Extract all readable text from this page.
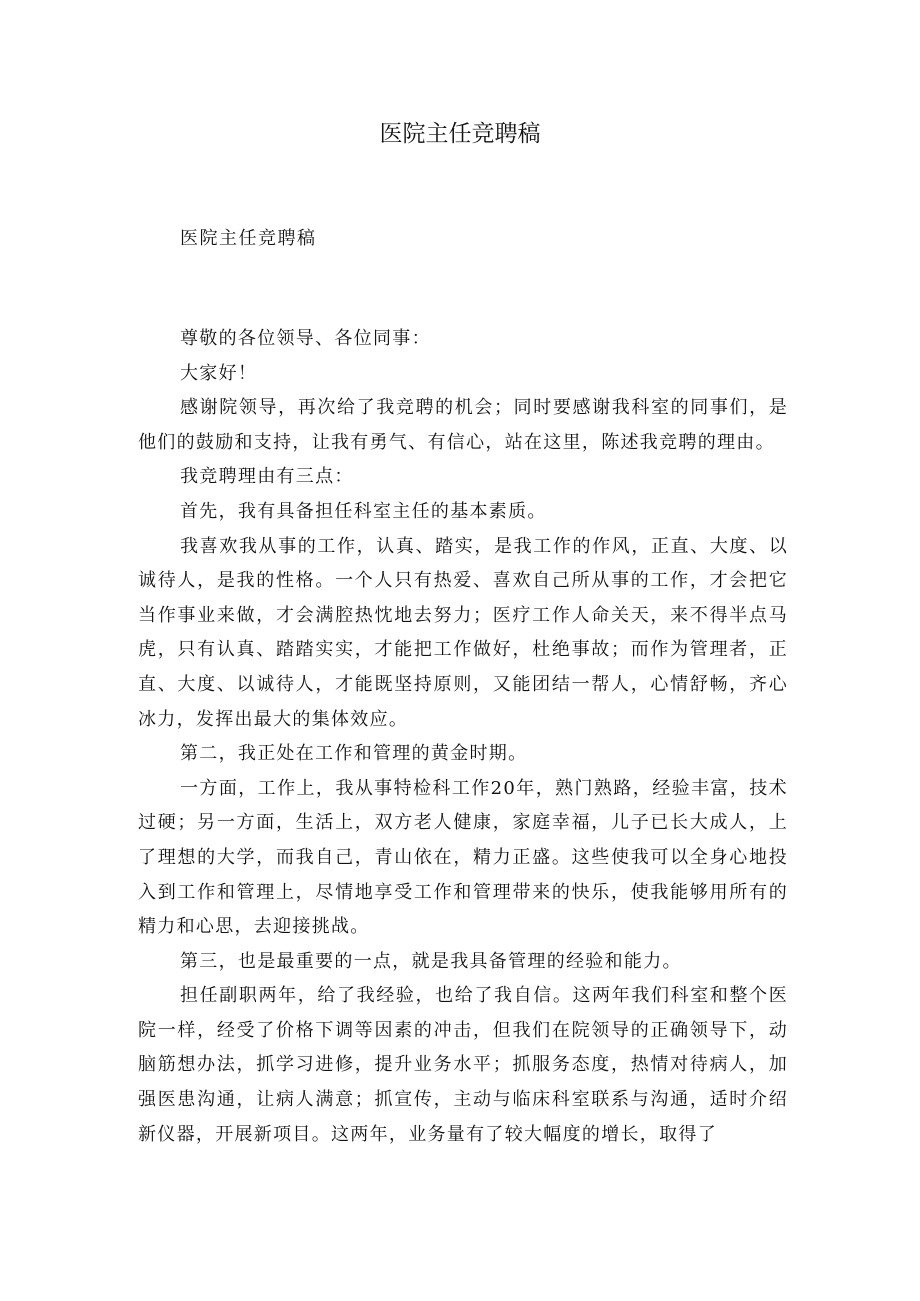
医院主任竞聘稿
医院主任竞聘稿

尊敬的各位领导、各位同事：

大家好！

感谢院领导，再次给了我竞聘的机会；同时要感谢我科室的同事们，是他们的鼓励和支持，让我有勇气、有信心，站在这里，陈述我竞聘的理由。

我竞聘理由有三点：

首先，我有具备担任科室主任的基本素质。

我喜欢我从事的工作，认真、踏实，是我工作的作风，正直、大度、以诚待人，是我的性格。一个人只有热爱、喜欢自己所从事的工作，才会把它当作事业来做，才会满腔热忱地去努力；医疗工作人命关天，来不得半点马虎，只有认真、踏踏实实，才能把工作做好，杜绝事故；而作为管理者，正直、大度、以诚待人，才能既坚持原则，又能团结一帮人，心情舒畅，齐心冰力，发挥出最大的集体效应。

第二，我正处在工作和管理的黄金时期。

一方面，工作上，我从事特检科工作20年，熟门熟路，经验丰富，技术过硬；另一方面，生活上，双方老人健康，家庭幸福，儿子已长大成人，上了理想的大学，而我自己，青山依在，精力正盛。这些使我可以全身心地投入到工作和管理上，尽情地享受工作和管理带来的快乐，使我能够用所有的精力和心思，去迎接挑战。

第三，也是最重要的一点，就是我具备管理的经验和能力。

担任副职两年，给了我经验，也给了我自信。这两年我们科室和整个医院一样，经受了价格下调等因素的冲击，但我们在院领导的正确领导下，动脑筋想办法，抓学习进修，提升业务水平；抓服务态度，热情对待病人，加强医患沟通，让病人满意；抓宣传，主动与临床科室联系与沟通，适时介绍新仪器，开展新项目。这两年，业务量有了较大幅度的增长，取得了
